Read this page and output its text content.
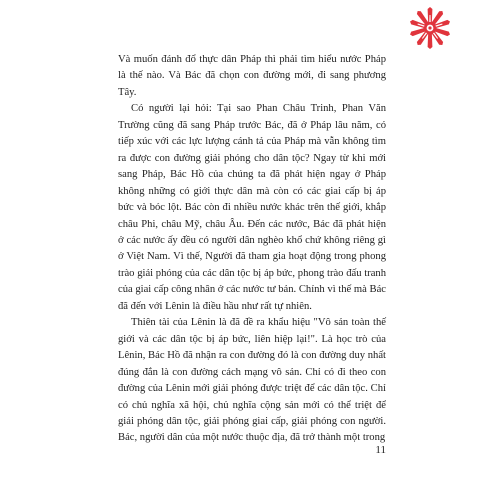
Và muốn đánh đổ thực dân Pháp thì phải tìm hiểu nước Pháp là thế nào. Và Bác đã chọn con đường mới, đi sang phương Tây.

Có người lại hỏi: Tại sao Phan Châu Trinh, Phan Văn Trường cũng đã sang Pháp trước Bác, đã ở Pháp lâu năm, có tiếp xúc với các lực lượng cánh tả của Pháp mà vẫn không tìm ra được con đường giải phóng cho dân tộc? Ngay từ khi mới sang Pháp, Bác Hồ của chúng ta đã phát hiện ngay ở Pháp không những có giới thực dân mà còn có các giai cấp bị áp bức và bóc lột. Bác còn đi nhiều nước khác trên thế giới, khắp châu Phi, châu Mỹ, châu Âu. Đến các nước, Bác đã phát hiện ở các nước ấy đều có người dân nghèo khổ chứ không riêng gì ở Việt Nam. Vì thế, Người đã tham gia hoạt động trong phong trào giải phóng của các dân tộc bị áp bức, phong trào đấu tranh của giai cấp công nhân ở các nước tư bản. Chính vì thế mà Bác đã đến với Lênin là điều hầu như rất tự nhiên.

Thiên tài của Lênin là đã đề ra khẩu hiệu "Vô sản toàn thế giới và các dân tộc bị áp bức, liên hiệp lại!". Là học trò của Lênin, Bác Hồ đã nhận ra con đường đó là con đường duy nhất đúng đắn là con đường cách mạng vô sản. Chỉ có đi theo con đường của Lênin mới giải phóng được triệt để các dân tộc. Chỉ có chủ nghĩa xã hội, chủ nghĩa cộng sản mới có thể triệt để giải phóng dân tộc, giải phóng giai cấp, giải phóng con người. Bác, người dân của một nước thuộc địa, đã trở thành một trong

11
